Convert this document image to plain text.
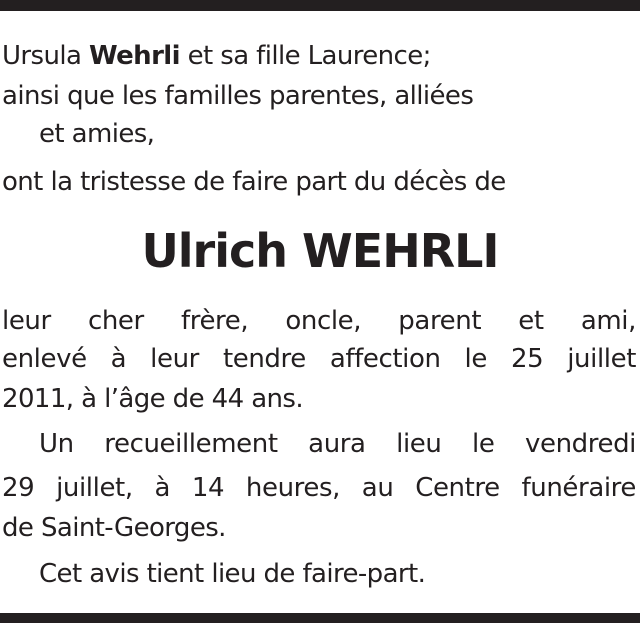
Ursula Wehrli et sa fille Laurence;
ainsi que les familles parentes, alliées
et amies,
ont la tristesse de faire part du décès de
Ulrich WEHRLI
leur cher frère, oncle, parent et ami,
enlevé à leur tendre affection le 25 juillet
2011, à l’âge de 44 ans.
Un recueillement aura lieu le vendredi
29 juillet, à 14 heures, au Centre funéraire
de Saint-Georges.
Cet avis tient lieu de faire-part.
